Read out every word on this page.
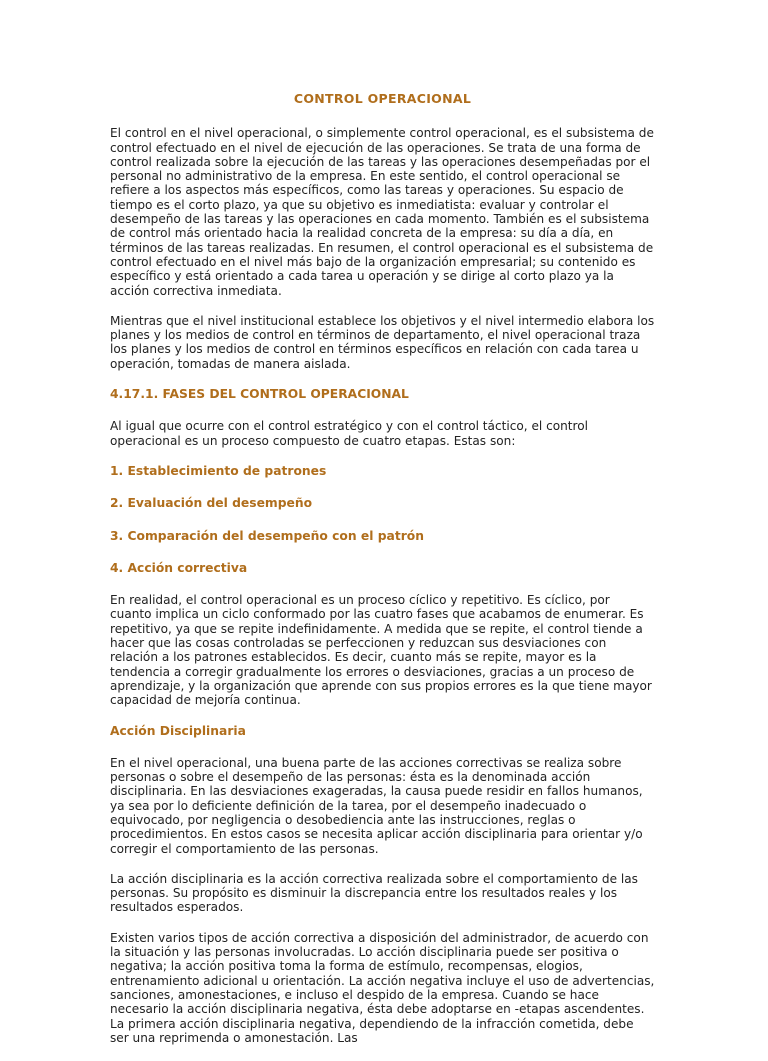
CONTROL OPERACIONAL

El control en el nivel operacional, o simplemente control operacional, es el subsistema de control efectuado en el nivel de ejecución de las operaciones. Se trata de una forma de control realizada sobre la ejecución de las tareas y las operaciones desempeñadas por el personal no administrativo de la empresa. En este sentido, el control operacional se refiere a los aspectos más específicos, como las tareas y operaciones. Su espacio de tiempo es el corto plazo, ya que su objetivo es inmediatista: evaluar y controlar el desempeño de las tareas y las operaciones en cada momento. También es el subsistema de control más orientado hacia la realidad concreta de la empresa: su día a día, en términos de las tareas realizadas. En resumen, el control operacional es el subsistema de control efectuado en el nivel más bajo de la organización empresarial; su contenido es específico y está orientado a cada tarea u operación y se dirige al corto plazo ya la acción correctiva inmediata.

Mientras que el nivel institucional establece los objetivos y el nivel intermedio elabora los planes y los medios de control en términos de departamento, el nivel operacional traza los planes y los medios de control en términos específicos en relación con cada tarea u operación, tomadas de manera aislada.

4.17.1. FASES DEL CONTROL OPERACIONAL

Al igual que ocurre con el control estratégico y con el control táctico, el control operacional es un proceso compuesto de cuatro etapas. Estas son:

1. Establecimiento de patrones
2. Evaluación del desempeño
3. Comparación del desempeño con el patrón
4. Acción correctiva

En realidad, el control operacional es un proceso cíclico y repetitivo. Es cíclico, por cuanto implica un ciclo conformado por las cuatro fases que acabamos de enumerar. Es repetitivo, ya que se repite indefinidamente. A medida que se repite, el control tiende a hacer que las cosas controladas se perfeccionen y reduzcan sus desviaciones con relación a los patrones establecidos. Es decir, cuanto más se repite, mayor es la tendencia a corregir gradualmente los errores o desviaciones, gracias a un proceso de aprendizaje, y la organización que aprende con sus propios errores es la que tiene mayor capacidad de mejoría continua.

Acción Disciplinaria

En el nivel operacional, una buena parte de las acciones correctivas se realiza sobre personas o sobre el desempeño de las personas: ésta es la denominada acción disciplinaria. En las desviaciones exageradas, la causa puede residir en fallos humanos, ya sea por lo deficiente definición de la tarea, por el desempeño inadecuado o equivocado, por negligencia o desobediencia ante las instrucciones, reglas o procedimientos. En estos casos se necesita aplicar acción disciplinaria para orientar y/o corregir el comportamiento de las personas.

La acción disciplinaria es la acción correctiva realizada sobre el comportamiento de las personas. Su propósito es disminuir la discrepancia entre los resultados reales y los resultados esperados.

Existen varios tipos de acción correctiva a disposición del administrador, de acuerdo con la situación y las personas involucradas. Lo acción disciplinaria puede ser positiva o negativa; la acción positiva toma la forma de estímulo, recompensas, elogios, entrenamiento adicional u orientación. La acción negativa incluye el uso de advertencias, sanciones, amonestaciones, e incluso el despido de la empresa. Cuando se hace necesario la acción disciplinaria negativa, ésta debe adoptarse en -etapas ascendentes. La primera acción disciplinaria negativa, dependiendo de la infracción cometida, debe ser una reprimenda o amonestación. Las
